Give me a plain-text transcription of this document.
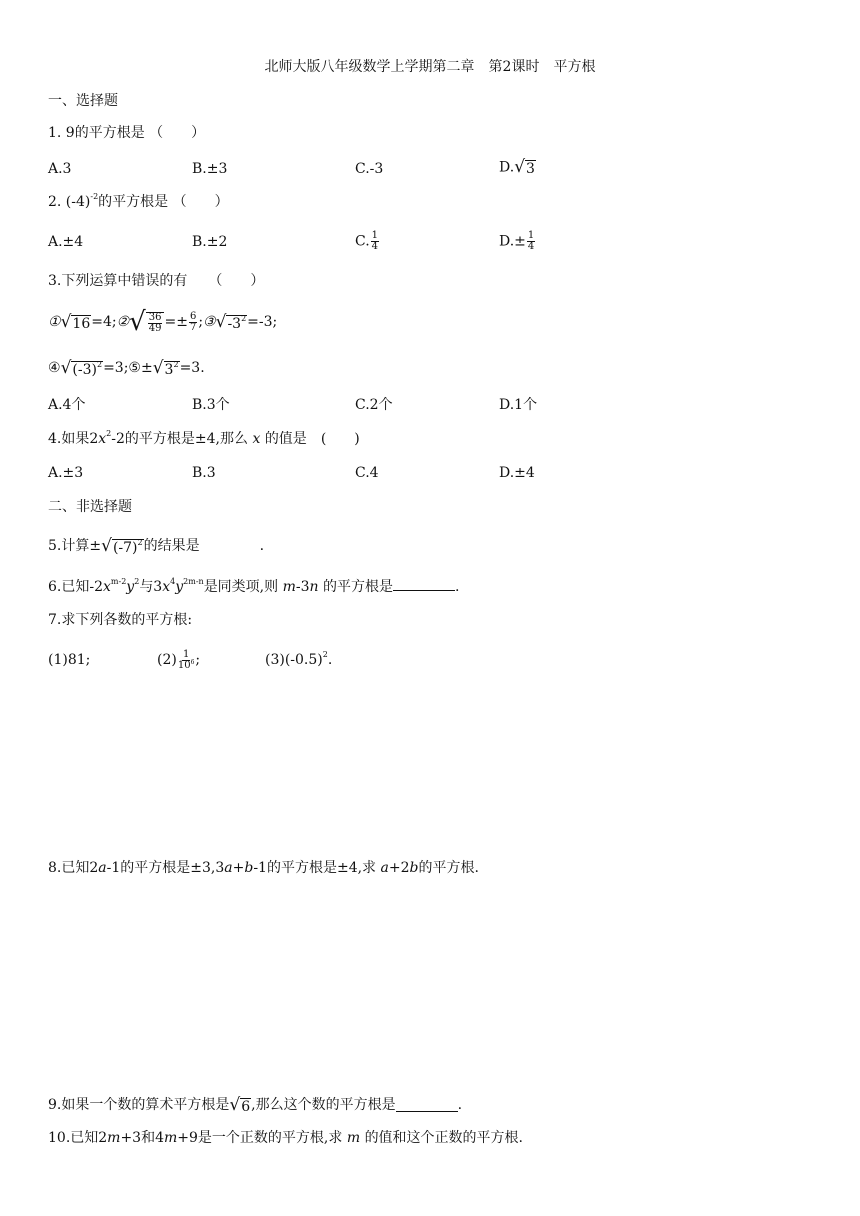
北师大版八年级数学上学期第二章　第2课时　平方根
一、选择题
1. 9的平方根是 （　　）
A.3	B.±3	C.-3	D. √ 3
2. $(-4)^{-2}$的平方根是 （　　）
A.±4	B.±2	C. $\frac{1}{4}$	$D.\pm \frac{1}{4}$
3.下列运算中错误的有　　（　　）
① √ 16 =4; ② √ $\frac{36}{49} =\pm \frac{6}{7}$ ; ③ √ $-3^2 =-3$;
④ √ $(-3)^2 =3$; ⑤± √ $3^2 =3$.
A.4个	B.3个	C.2个	D.1个
4.如果$2x^2-2$的平方根是±4,那么 x 的值是 (　　)
A.±3	B.3	C.4	D.±4
二、非选择题
5.计算± √ $(-7)^2$ 的结果是	.
6.已知$-2x^{m-2}y^2$与$3x^4y^{2m-n}$是同类项,则 m-3n 的平方根是	.
7.求下列各数的平方根:
(1)81;	$(2) \frac{1}{10^6}$ ;	$(3)(-0.5)^2$.
8.已知2a-1的平方根是±3,3a+b-1的平方根是±4,求 a+2b的平方根.
9.如果一个数的算术平方根是 √ 6 ,那么这个数的平方根是	.
10.已知2m+3和4m+9是一个正数的平方根,求 m 的值和这个正数的平方根.
